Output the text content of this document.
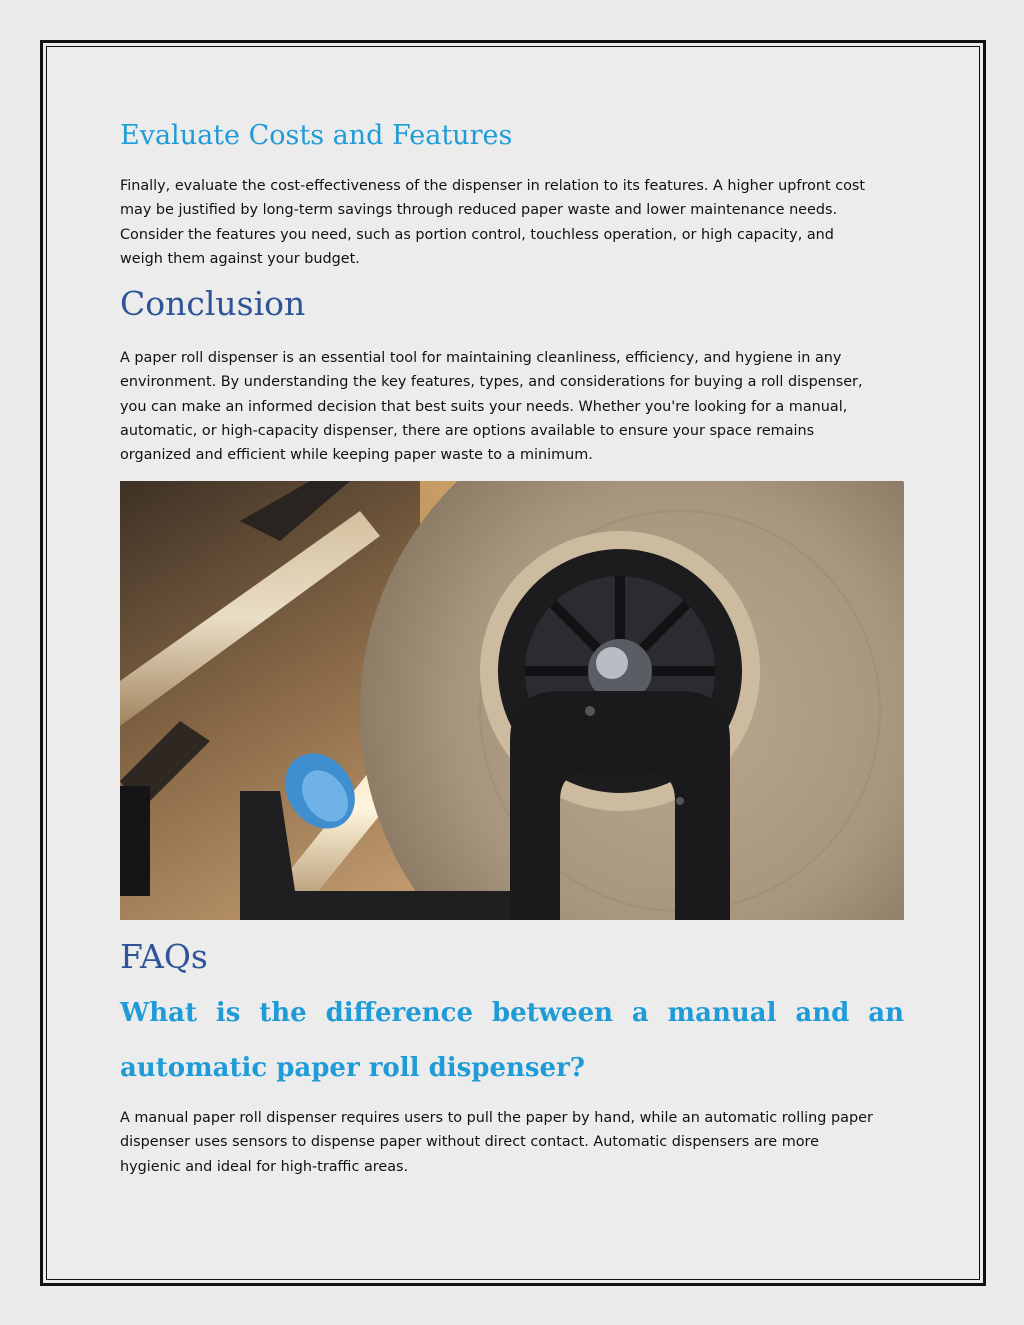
Evaluate Costs and Features
Finally, evaluate the cost-effectiveness of the dispenser in relation to its features. A higher upfront cost
may be justified by long-term savings through reduced paper waste and lower maintenance needs.
Consider the features you need, such as portion control, touchless operation, or high capacity, and
weigh them against your budget.
Conclusion
A paper roll dispenser is an essential tool for maintaining cleanliness, efficiency, and hygiene in any
environment. By understanding the key features, types, and considerations for buying a roll dispenser,
you can make an informed decision that best suits your needs. Whether you're looking for a manual,
automatic, or high-capacity dispenser, there are options available to ensure your space remains
organized and efficient while keeping paper waste to a minimum.
FAQs
What is the difference between a manual and an
automatic paper roll dispenser?
A manual paper roll dispenser requires users to pull the paper by hand, while an automatic rolling paper
dispenser uses sensors to dispense paper without direct contact. Automatic dispensers are more
hygienic and ideal for high-traffic areas.
